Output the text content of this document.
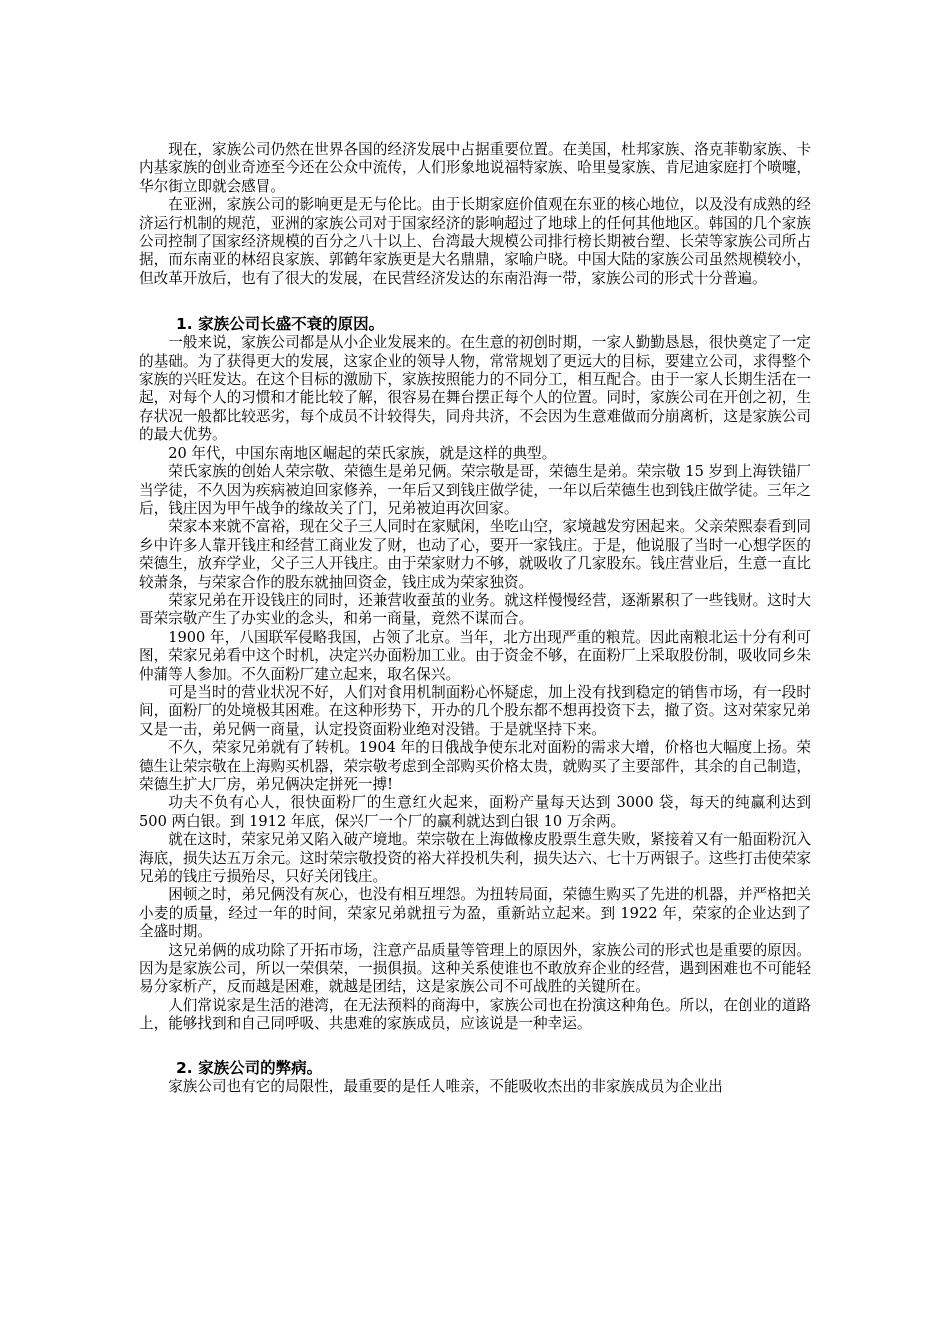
现在，家族公司仍然在世界各国的经济发展中占据重要位置。在美国，杜邦家族、洛克菲勒家族、卡内基家族的创业奇迹至今还在公众中流传，人们形象地说福特家族、哈里曼家族、肯尼迪家庭打个喷嚏，华尔街立即就会感冒。

在亚洲，家族公司的影响更是无与伦比。由于长期家庭价值观在东亚的核心地位，以及没有成熟的经济运行机制的规范，亚洲的家族公司对于国家经济的影响超过了地球上的任何其他地区。韩国的几个家族公司控制了国家经济规模的百分之八十以上、台湾最大规模公司排行榜长期被台塑、长荣等家族公司所占据，而东南亚的林绍良家族、郭鹤年家族更是大名鼎鼎，家喻户晓。中国大陆的家族公司虽然规模较小，但改革开放后，也有了很大的发展，在民营经济发达的东南沿海一带，家族公司的形式十分普遍。

1. 家族公司长盛不衰的原因。

一般来说，家族公司都是从小企业发展来的。在生意的初创时期，一家人勤勤恳恳，很快奠定了一定的基础。为了获得更大的发展，这家企业的领导人物，常常规划了更远大的目标，要建立公司，求得整个家族的兴旺发达。在这个目标的激励下，家族按照能力的不同分工，相互配合。由于一家人长期生活在一起，对每个人的习惯和才能比较了解，很容易在舞台摆正每个人的位置。同时，家族公司在开创之初，生存状况一般都比较恶劣，每个成员不计较得失，同舟共济，不会因为生意难做而分崩离析，这是家族公司的最大优势。

20 年代，中国东南地区崛起的荣氏家族，就是这样的典型。

荣氏家族的创始人荣宗敬、荣德生是弟兄俩。荣宗敬是哥，荣德生是弟。荣宗敬 15 岁到上海铁锚厂当学徒，不久因为疾病被迫回家修养，一年后又到钱庄做学徒，一年以后荣德生也到钱庄做学徒。三年之后，钱庄因为甲午战争的缘故关了门，兄弟被迫再次回家。

荣家本来就不富裕，现在父子三人同时在家赋闲，坐吃山空，家境越发穷困起来。父亲荣熙泰看到同乡中许多人靠开钱庄和经营工商业发了财，也动了心，要开一家钱庄。于是，他说服了当时一心想学医的荣德生，放弃学业，父子三人开钱庄。由于荣家财力不够，就吸收了几家股东。钱庄营业后，生意一直比较萧条，与荣家合作的股东就抽回资金，钱庄成为荣家独资。

荣家兄弟在开设钱庄的同时，还兼营收蚕茧的业务。就这样慢慢经营，逐渐累积了一些钱财。这时大哥荣宗敬产生了办实业的念头，和弟一商量，竟然不谋而合。

1900 年，八国联军侵略我国，占领了北京。当年，北方出现严重的粮荒。因此南粮北运十分有利可图，荣家兄弟看中这个时机，决定兴办面粉加工业。由于资金不够，在面粉厂上采取股份制，吸收同乡朱仲蒲等人参加。不久面粉厂建立起来，取名保兴。

可是当时的营业状况不好，人们对食用机制面粉心怀疑虑，加上没有找到稳定的销售市场，有一段时间，面粉厂的处境极其困难。在这种形势下，开办的几个股东都不想再投资下去，撤了资。这对荣家兄弟又是一击，弟兄俩一商量，认定投资面粉业绝对没错。于是就坚持下来。

不久，荣家兄弟就有了转机。1904 年的日俄战争使东北对面粉的需求大增，价格也大幅度上扬。荣德生让荣宗敬在上海购买机器，荣宗敬考虑到全部购买价格太贵，就购买了主要部件，其余的自己制造，荣德生扩大厂房，弟兄俩决定拼死一搏!

功夫不负有心人，很快面粉厂的生意红火起来，面粉产量每天达到 3000 袋，每天的纯赢利达到 500 两白银。到 1912 年底，保兴厂一个厂的赢利就达到白银 10 万余两。

就在这时，荣家兄弟又陷入破产境地。荣宗敬在上海做橡皮股票生意失败，紧接着又有一船面粉沉入海底，损失达五万余元。这时荣宗敬投资的裕大祥投机失利，损失达六、七十万两银子。这些打击使荣家兄弟的钱庄亏损殆尽，只好关闭钱庄。

困顿之时，弟兄俩没有灰心，也没有相互埋怨。为扭转局面，荣德生购买了先进的机器，并严格把关小麦的质量，经过一年的时间，荣家兄弟就扭亏为盈，重新站立起来。到 1922 年，荣家的企业达到了全盛时期。

这兄弟俩的成功除了开拓市场，注意产品质量等管理上的原因外，家族公司的形式也是重要的原因。因为是家族公司，所以一荣俱荣，一损俱损。这种关系使谁也不敢放弃企业的经营，遇到困难也不可能轻易分家析产，反而越是困难，就越是团结，这是家族公司不可战胜的关键所在。

人们常说家是生活的港湾，在无法预料的商海中，家族公司也在扮演这种角色。所以，在创业的道路上，能够找到和自己同呼吸、共患难的家族成员，应该说是一种幸运。

2. 家族公司的弊病。

家族公司也有它的局限性，最重要的是任人唯亲，不能吸收杰出的非家族成员为企业出
